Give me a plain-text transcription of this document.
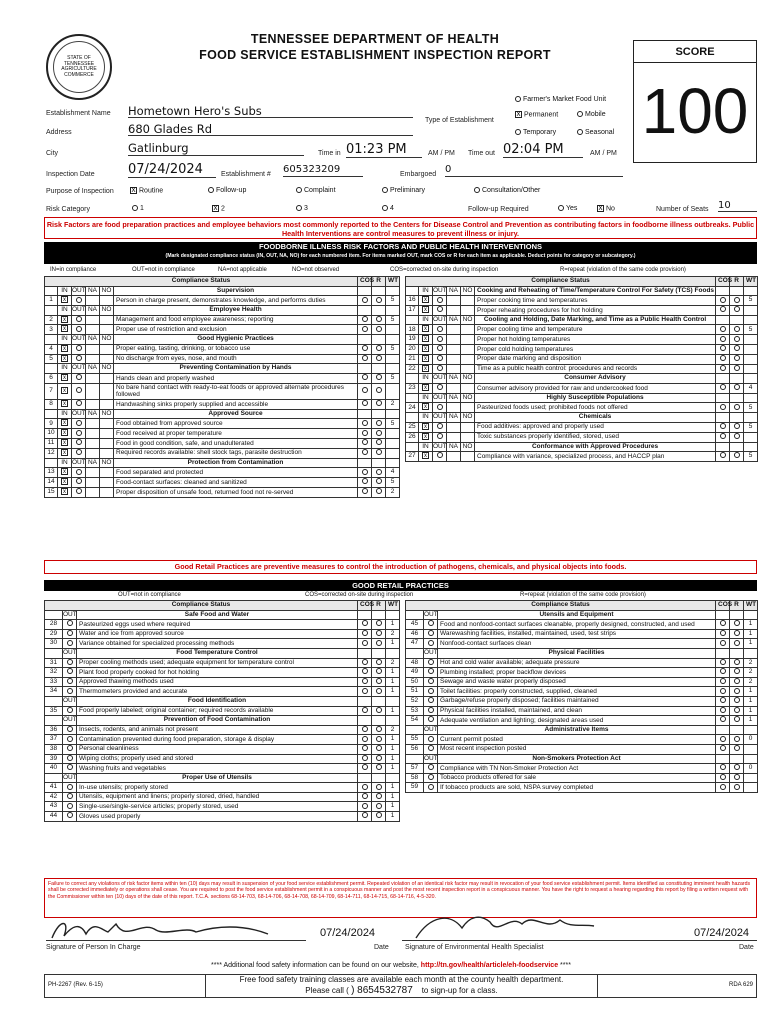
STATE OF TENNESSEE AGRICULTURE COMMERCE
TENNESSEE DEPARTMENT OF HEALTH
FOOD SERVICE ESTABLISHMENT INSPECTION REPORT	SCORE
100
Establishment Name Hometown Hero's Subs
Address	680 Glades Rd
City	Gatlinburg	Time in 01:23 PM	AM / PM Time out 02:04 PM	AM / PM
Inspection Date	07/24/2024	Establishment # 605323209	Embargoed 0
Type of Establishment
Farmer's Market Food Unit
xPermanent	Mobile
Temporary	Seasonal
Purpose of Inspection x	Routine	Follow-up	Complaint	Preliminary	Consultation/Other
Risk Category	1 x	2	3	4	Follow-up Required	Yes x	No	Number of Seats 10
Risk Factors are food preparation practices and employee behaviors most commonly reported to the Centers for Disease Control and Prevention as contributing factors in foodborne illness outbreaks. Public Health Interventions are control measures to prevent illness or injury.
FOODBORNE ILLNESS RISK FACTORS AND PUBLIC HEALTH INTERVENTIONS
(Mark designated compliance status (IN, OUT, NA, NO) for each numbered item. For items marked OUT, mark COS or R for each item as applicable. Deduct points for category or subcategory.)
IN=in compliance	OUT=not in compliance	NA=not applicable	NO=not observed	COS=corrected on-site during inspection	R=repeat (violation of the same code provision)
Compliance Status						COS	R	WT
	IN	OUT	NA	NO	Supervision			
1	x				Person in charge present, demonstrates knowledge, and performs duties			5
	IN	OUT	NA	NO	Employee Health			
2	x				Management and food employee awareness; reporting			5
3	x				Proper use of restriction and exclusion			
	IN	OUT	NA	NO	Good Hygienic Practices			
4	x				Proper eating, tasting, drinking, or tobacco use			5
5	x				No discharge from eyes, nose, and mouth			
	IN	OUT	NA	NO	Preventing Contamination by Hands			
6	x				Hands clean and properly washed			5
7	x				No bare hand contact with ready-to-eat foods or approved alternate procedures followed			
8	x				Handwashing sinks properly supplied and accessible			2
	IN	OUT	NA	NO	Approved Source			
9	x				Food obtained from approved source			5
10	x				Food received at proper temperature			
11	x				Food in good condition, safe, and unadulterated			
12	x				Required records available: shell stock tags, parasite destruction			
	IN	OUT	NA	NO	Protection from Contamination			
13	x				Food separated and protected			4
14	x				Food-contact surfaces: cleaned and sanitized			5
15	x				Proper disposition of unsafe food, returned food not re-served			2
Compliance Status						COS	R	WT
	IN	OUT	NA	NO	Cooking and Reheating of Time/Temperature Control For Safety (TCS) Foods			
16	x				Proper cooking time and temperatures			5
17	x				Proper reheating procedures for hot holding			
	IN	OUT	NA	NO	Cooling and Holding, Date Marking, and Time as a Public Health Control			
18	x				Proper cooling time and temperature			5
19	x				Proper hot holding temperatures			
20	x				Proper cold holding temperatures			
21	x				Proper date marking and disposition			
22	x				Time as a public health control: procedures and records			
	IN	OUT	NA	NO	Consumer Advisory			
23	x				Consumer advisory provided for raw and undercooked food			4
	IN	OUT	NA	NO	Highly Susceptible Populations			
24	x				Pasteurized foods used; prohibited foods not offered			5
	IN	OUT	NA	NO	Chemicals			
25	x				Food additives: approved and properly used			5
26	x				Toxic substances properly identified, stored, used			
	IN	OUT	NA	NO	Conformance with Approved Procedures			
27	x				Compliance with variance, specialized process, and HACCP plan			5
Good Retail Practices are preventive measures to control the introduction of pathogens, chemicals, and physical objects into foods.
GOOD RETAIL PRACTICES
OUT=not in compliance	COS=corrected on-site during inspection	R=repeat (violation of the same code provision)
Compliance Status			COS	R	WT
	OUT	Safe Food and Water			
28		Pasteurized eggs used where required			1
29		Water and ice from approved source			2
30		Variance obtained for specialized processing methods			1
	OUT	Food Temperature Control			
31		Proper cooling methods used; adequate equipment for temperature control			2
32		Plant food properly cooked for hot holding			1
33		Approved thawing methods used			1
34		Thermometers provided and accurate			1
	OUT	Food Identification			
35		Food properly labeled; original container; required records available			1
	OUT	Prevention of Food Contamination			
36		Insects, rodents, and animals not present			2
37		Contamination prevented during food preparation, storage & display			1
38		Personal cleanliness			1
39		Wiping cloths; properly used and stored			1
40		Washing fruits and vegetables			1
	OUT	Proper Use of Utensils			
41		In-use utensils; properly stored			1
42		Utensils, equipment and linens; properly stored, dried, handled			1
43		Single-use/single-service articles; properly stored, used			1
44		Gloves used properly			1
Compliance Status			COS	R	WT
	OUT	Utensils and Equipment			
45		Food and nonfood-contact surfaces cleanable, properly designed, constructed, and used			1
46		Warewashing facilities, installed, maintained, used, test strips			1
47		Nonfood-contact surfaces clean			1
	OUT	Physical Facilities			
48		Hot and cold water available; adequate pressure			2
49		Plumbing installed; proper backflow devices			2
50		Sewage and waste water properly disposed			2
51		Toilet facilities: properly constructed, supplied, cleaned			1
52		Garbage/refuse properly disposed; facilities maintained			1
53		Physical facilities installed, maintained, and clean			1
54		Adequate ventilation and lighting; designated areas used			1
	OUT	Administrative Items			
55		Current permit posted			0
56		Most recent inspection posted			
	OUT	Non-Smokers Protection Act			
57		Compliance with TN Non-Smoker Protection Act			0
58		Tobacco products offered for sale			
59		If tobacco products are sold, NSPA survey completed			
Failure to correct any violations of risk factor items within ten (10) days may result in suspension of your food service establishment permit. Repeated violation of an identical risk factor may result in revocation of your food service establishment permit. Items identified as constituting imminent health hazards shall be corrected immediately or operations shall cease. You are required to post the food service establishment permit in a conspicuous manner and post the most recent inspection report in a conspicuous manner. You have the right to request a hearing regarding this report by filing a written request with the Commissioner within ten (10) days of the date of this report. T.C.A. sections 68-14-703, 68-14-706, 68-14-708, 68-14-709, 68-14-711, 68-14-715, 68-14-716, 4-5-320.
07/24/2024
Signature of Person In Charge	Date
07/24/2024
Signature of Environmental Health Specialist	Date
**** Additional food safety information can be found on our website, http://tn.gov/health/article/eh-foodservice ****
PH-2267 (Rev. 6-15)
Free food safety training classes are available each month at the county health department.
Please call ( ) 8654532787 to sign-up for a class.
RDA 629
